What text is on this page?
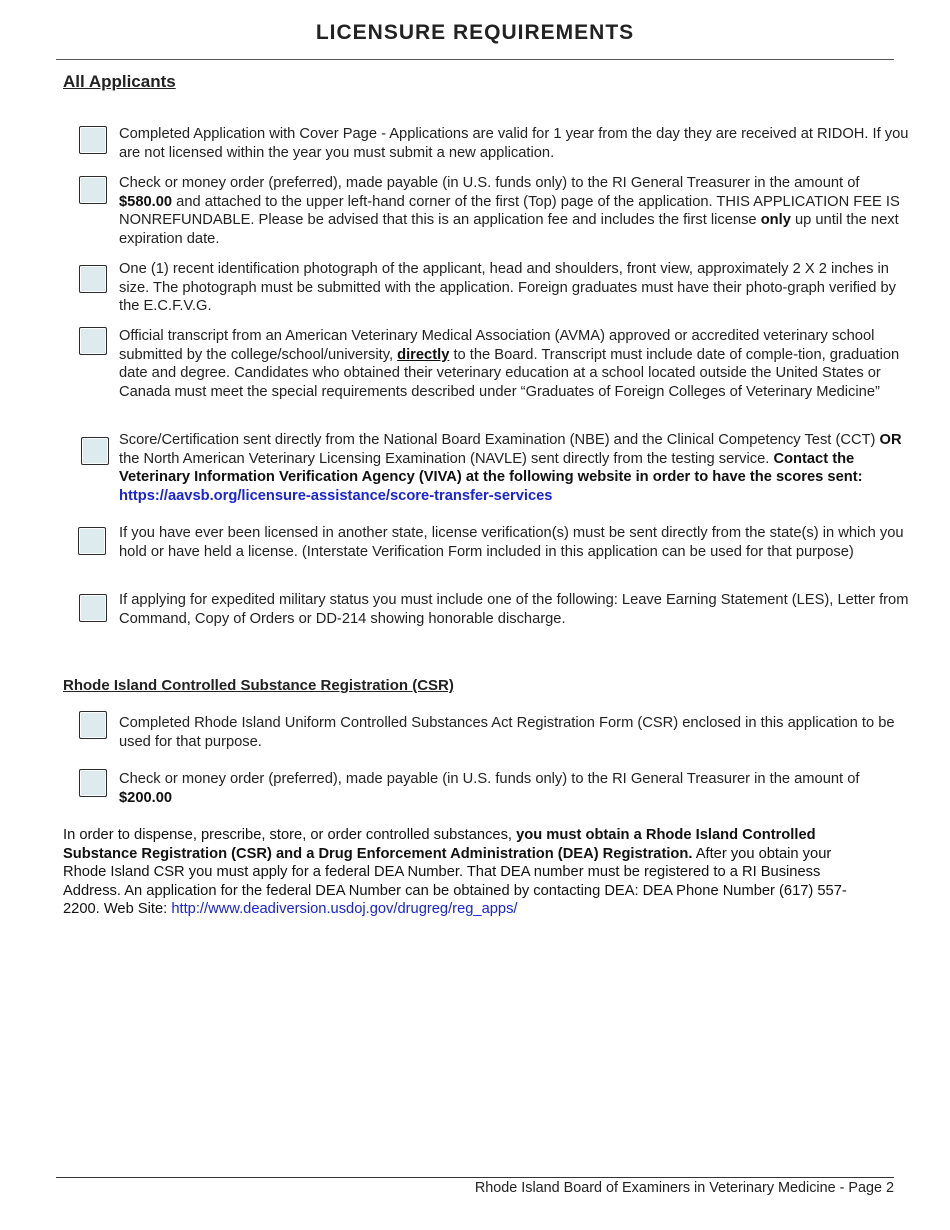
LICENSURE REQUIREMENTS
All Applicants
Completed Application with Cover Page - Applications are valid for 1 year from the day they are received at RIDOH. If you are not licensed within the year you must submit a new application.
Check or money order (preferred), made payable (in U.S. funds only) to the RI General Treasurer in the amount of $580.00 and attached to the upper left-hand corner of the first (Top) page of the application. THIS APPLICATION FEE IS NONREFUNDABLE. Please be advised that this is an application fee and includes the first license only up until the next expiration date.
One (1) recent identification photograph of the applicant, head and shoulders, front view, approximately 2 X 2 inches in size. The photograph must be submitted with the application. Foreign graduates must have their photo-graph verified by the E.C.F.V.G.
Official transcript from an American Veterinary Medical Association (AVMA) approved or accredited veterinary school submitted by the college/school/university, directly to the Board. Transcript must include date of comple-tion, graduation date and degree. Candidates who obtained their veterinary education at a school located outside the United States or Canada must meet the special requirements described under “Graduates of Foreign Colleges of Veterinary Medicine”
Score/Certification sent directly from the National Board Examination (NBE) and the Clinical Competency Test (CCT) OR the North American Veterinary Licensing Examination (NAVLE) sent directly from the testing service. Contact the Veterinary Information Verification Agency (VIVA) at the following website in order to have the scores sent: https://aavsb.org/licensure-assistance/score-transfer-services
If you have ever been licensed in another state, license verification(s) must be sent directly from the state(s) in which you hold or have held a license. (Interstate Verification Form included in this application can be used for that purpose)
If applying for expedited military status you must include one of the following: Leave Earning Statement (LES), Letter from Command, Copy of Orders or DD-214 showing honorable discharge.
Rhode Island Controlled Substance Registration (CSR)
Completed Rhode Island Uniform Controlled Substances Act Registration Form (CSR) enclosed in this application to be used for that purpose.
Check or money order (preferred), made payable (in U.S. funds only) to the RI General Treasurer in the amount of $200.00
In order to dispense, prescribe, store, or order controlled substances, you must obtain a Rhode Island Controlled Substance Registration (CSR) and a Drug Enforcement Administration (DEA) Registration. After you obtain your Rhode Island CSR you must apply for a federal DEA Number. That DEA number must be registered to a RI Business Address. An application for the federal DEA Number can be obtained by contacting DEA: DEA Phone Number (617) 557-2200. Web Site: http://www.deadiversion.usdoj.gov/drugreg/reg_apps/
Rhode Island Board of Examiners in Veterinary Medicine - Page 2
